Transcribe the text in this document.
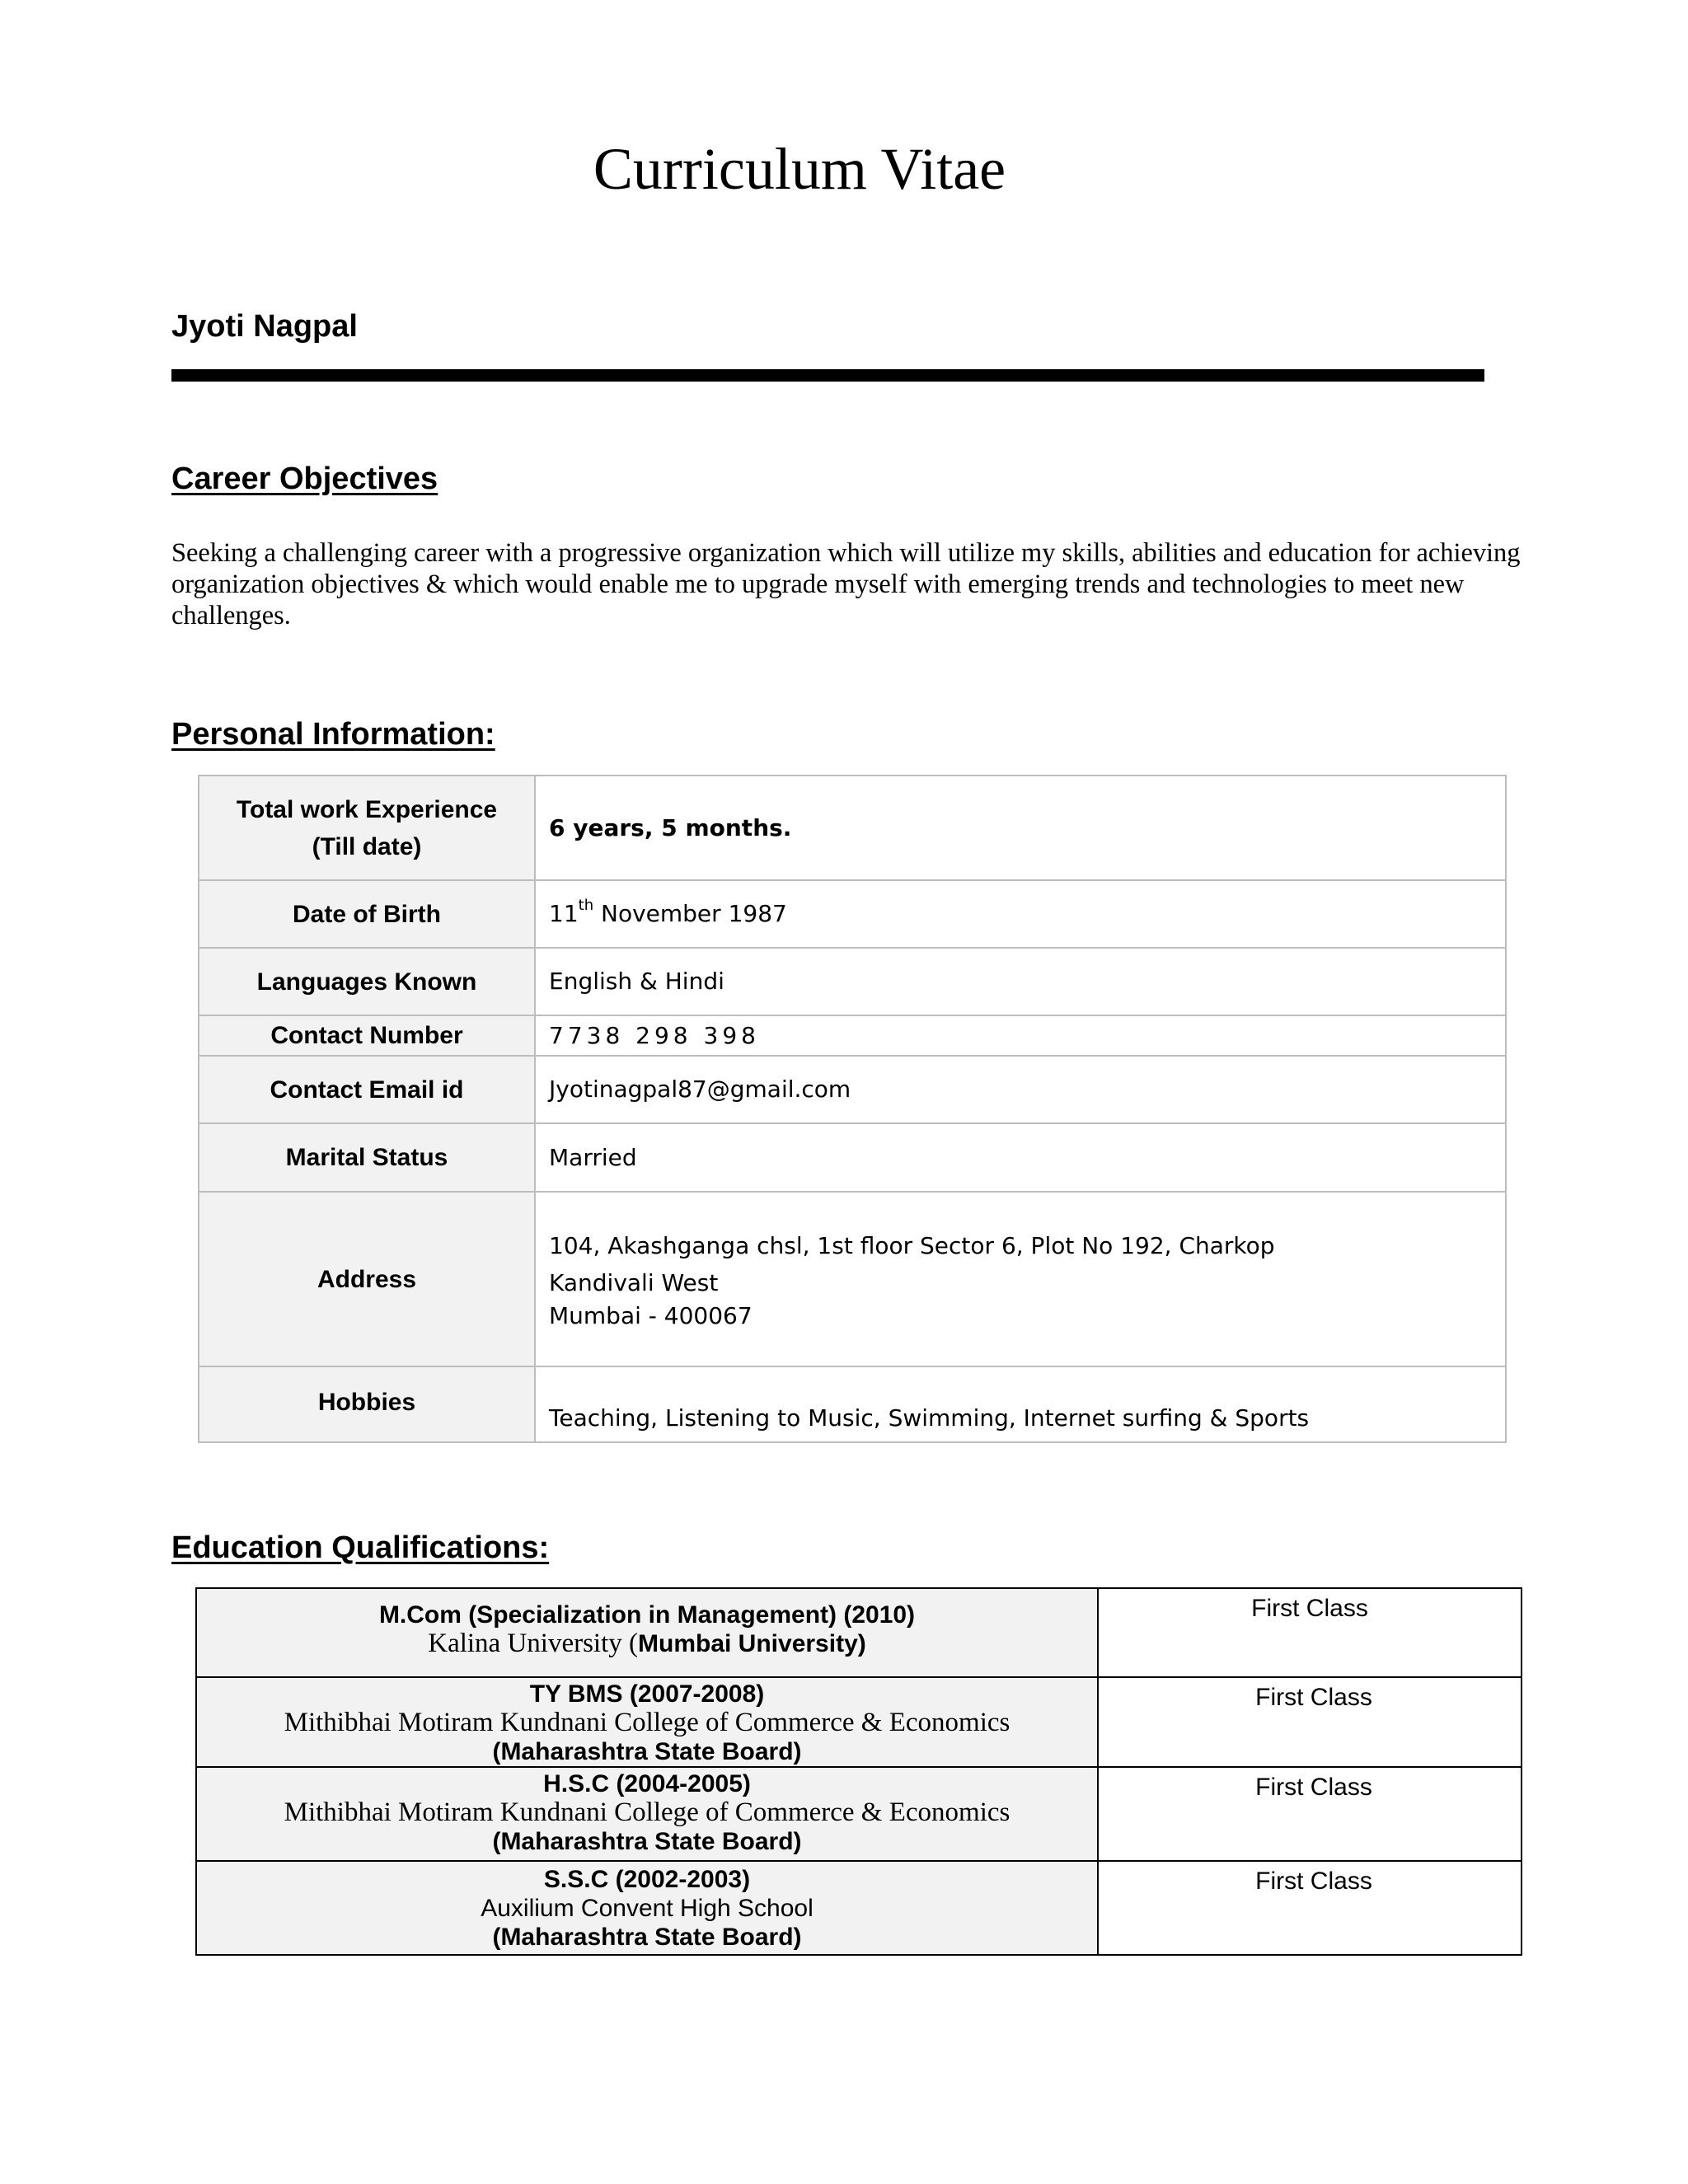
Curriculum Vitae
Jyoti Nagpal
Career Objectives
Seeking a challenging career with a progressive organization which will utilize my skills, abilities and education for achieving organization objectives & which would enable me to upgrade myself with emerging trends and technologies to meet new challenges.
Personal Information:
Total work Experience
(Till date)	6 years, 5 months.
Date of Birth	11th November 1987
Languages Known	English & Hindi
Contact Number	7738 298 398
Contact Email id	Jyotinagpal87@gmail.com
Marital Status	Married
Address	104, Akashganga chsl, 1st floor Sector 6, Plot No 192, Charkop
Kandivali West
Mumbai - 400067

Hobbies	Teaching, Listening to Music, Swimming, Internet surfing & Sports
Education Qualifications:
M.Com (Specialization in Management) (2010)
Kalina University (Mumbai University)	First Class

TY BMS (2007-2008)
Mithibhai Motiram Kundnani College of Commerce & Economics
(Maharashtra State Board)	First Class

H.S.C (2004-2005)
Mithibhai Motiram Kundnani College of Commerce & Economics
(Maharashtra State Board)	First Class

S.S.C (2002-2003)
Auxilium Convent High School
(Maharashtra State Board)	First Class
